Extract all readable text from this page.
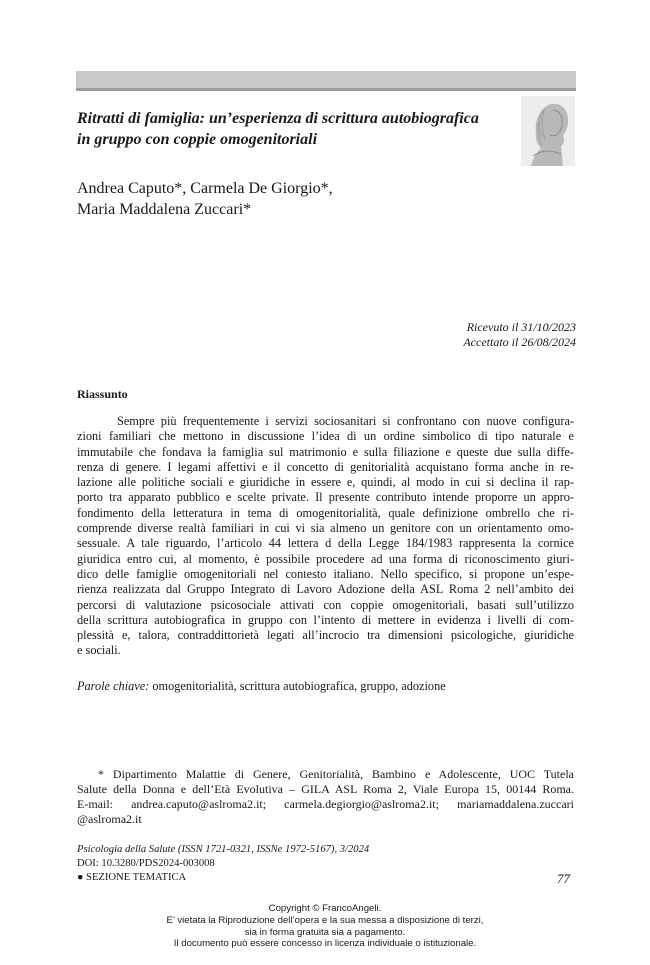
Ritratti di famiglia: un’esperienza di scrittura autobiografica
in gruppo con coppie omogenitoriali
Andrea Caputo*, Carmela De Giorgio*,
Maria Maddalena Zuccari*
Ricevuto il 31/10/2023
Accettato il 26/08/2024
Riassunto
Sempre più frequentemente i servizi sociosanitari si confrontano con nuove configura-
zioni familiari che mettono in discussione l’idea di un ordine simbolico di tipo naturale e
immutabile che fondava la famiglia sul matrimonio e sulla filiazione e queste due sulla diffe-
renza di genere. I legami affettivi e il concetto di genitorialità acquistano forma anche in re-
lazione alle politiche sociali e giuridiche in essere e, quindi, al modo in cui si declina il rap-
porto tra apparato pubblico e scelte private. Il presente contributo intende proporre un appro-
fondimento della letteratura in tema di omogenitorialità, quale definizione ombrello che ri-
comprende diverse realtà familiari in cui vi sia almeno un genitore con un orientamento omo-
sessuale. A tale riguardo, l’articolo 44 lettera d della Legge 184/1983 rappresenta la cornice
giuridica entro cui, al momento, è possibile procedere ad una forma di riconoscimento giuri-
dico delle famiglie omogenitoriali nel contesto italiano. Nello specifico, si propone un’espe-
rienza realizzata dal Gruppo Integrato di Lavoro Adozione della ASL Roma 2 nell’ambito dei
percorsi di valutazione psicosociale attivati con coppie omogenitoriali, basati sull’utilizzo
della scrittura autobiografica in gruppo con l’intento di mettere in evidenza i livelli di com-
plessità e, talora, contraddittorietà legati all’incrocio tra dimensioni psicologiche, giuridiche
e sociali.
Parole chiave: omogenitorialità, scrittura autobiografica, gruppo, adozione
* Dipartimento Malattie di Genere, Genitorialità, Bambino e Adolescente, UOC Tutela
Salute della Donna e dell’Età Evolutiva – GILA ASL Roma 2, Viale Europa 15, 00144 Roma.
E-mail: andrea.caputo@aslroma2.it; carmela.degiorgio@aslroma2.it; mariamaddalena.zuccari
@aslroma2.it
Psicologia della Salute (ISSN 1721-0321, ISSNe 1972-5167), 3/2024
DOI: 10.3280/PDS2024-003008
● SEZIONE TEMATICA	77
Copyright © FrancoAngeli.
E’ vietata la Riproduzione dell’opera e la sua messa a disposizione di terzi,
sia in forma gratuita sia a pagamento.
Il documento può essere concesso in licenza individuale o istituzionale.
